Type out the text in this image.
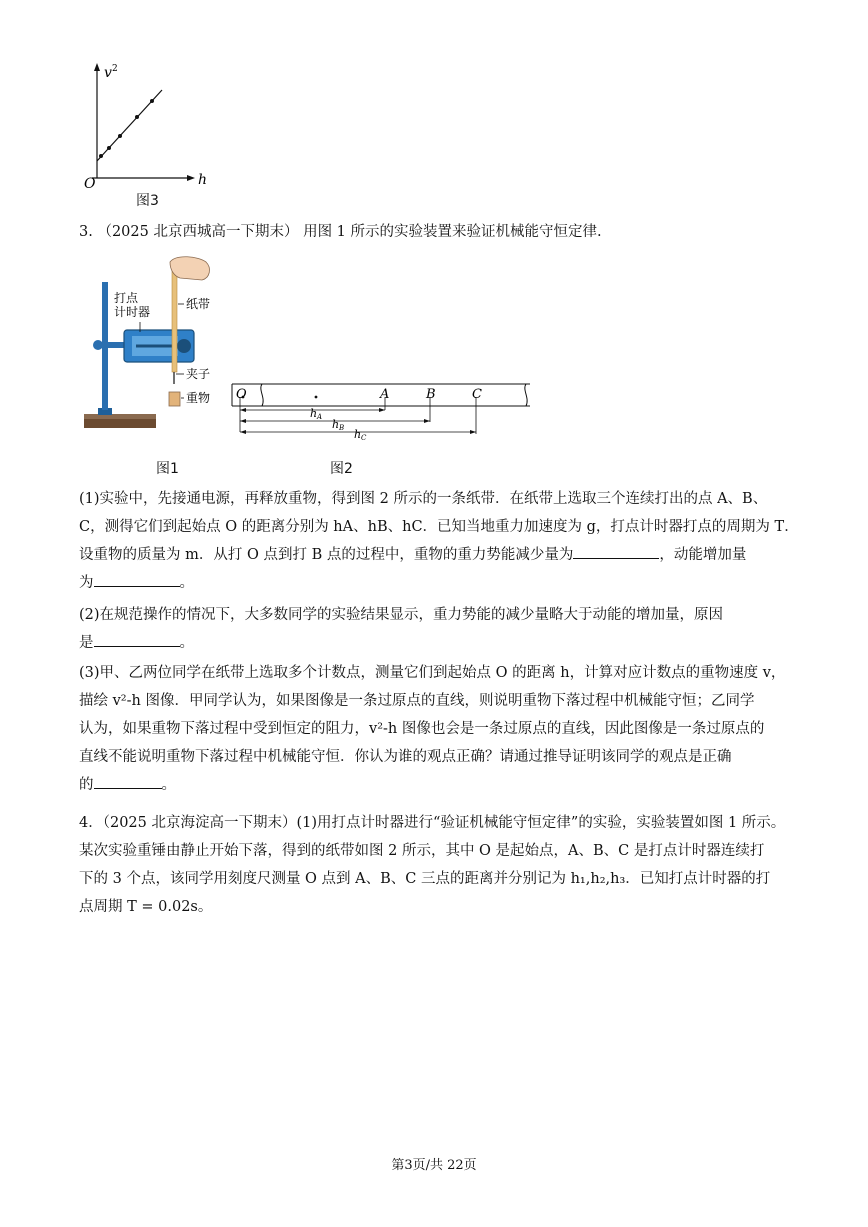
v 2
h
O
图3
3. （2025 北京西城高一下期末） 用图 1 所示的实验装置来验证机械能守恒定律.
打点
计时器
纸带
夹子
重物
图1
O	A	B	C
h A
h B h C
图2
(1)实验中，先接通电源，再释放重物，得到图 2 所示的一条纸带．在纸带上选取三个连续打出的点 A、B、
C，测得它们到起始点 O 的距离分别为 hA、hB、hC．已知当地重力加速度为 g，打点计时器打点的周期为 T．
设重物的质量为 m．从打 O 点到打 B 点的过程中，重物的重力势能减少量为	，动能增加量
为	。
(2)在规范操作的情况下，大多数同学的实验结果显示，重力势能的减少量略大于动能的增加量，原因
是	。
(3)甲、乙两位同学在纸带上选取多个计数点，测量它们到起始点 O 的距离 h，计算对应计数点的重物速度 v，
描绘 v²-h 图像．甲同学认为，如果图像是一条过原点的直线，则说明重物下落过程中机械能守恒；乙同学
认为，如果重物下落过程中受到恒定的阻力，v²-h 图像也会是一条过原点的直线，因此图像是一条过原点的
直线不能说明重物下落过程中机械能守恒．你认为谁的观点正确？请通过推导证明该同学的观点是正确
的	。
4．（2025 北京海淀高一下期末）(1)用打点计时器进行“验证机械能守恒定律”的实验，实验装置如图 1 所示。
某次实验重锤由静止开始下落，得到的纸带如图 2 所示，其中 O 是起始点，A、B、C 是打点计时器连续打
下的 3 个点，该同学用刻度尺测量 O 点到 A、B、C 三点的距离并分别记为 h₁,h₂,h₃．已知打点计时器的打
点周期 T = 0.02s。
第3页/共 22页
